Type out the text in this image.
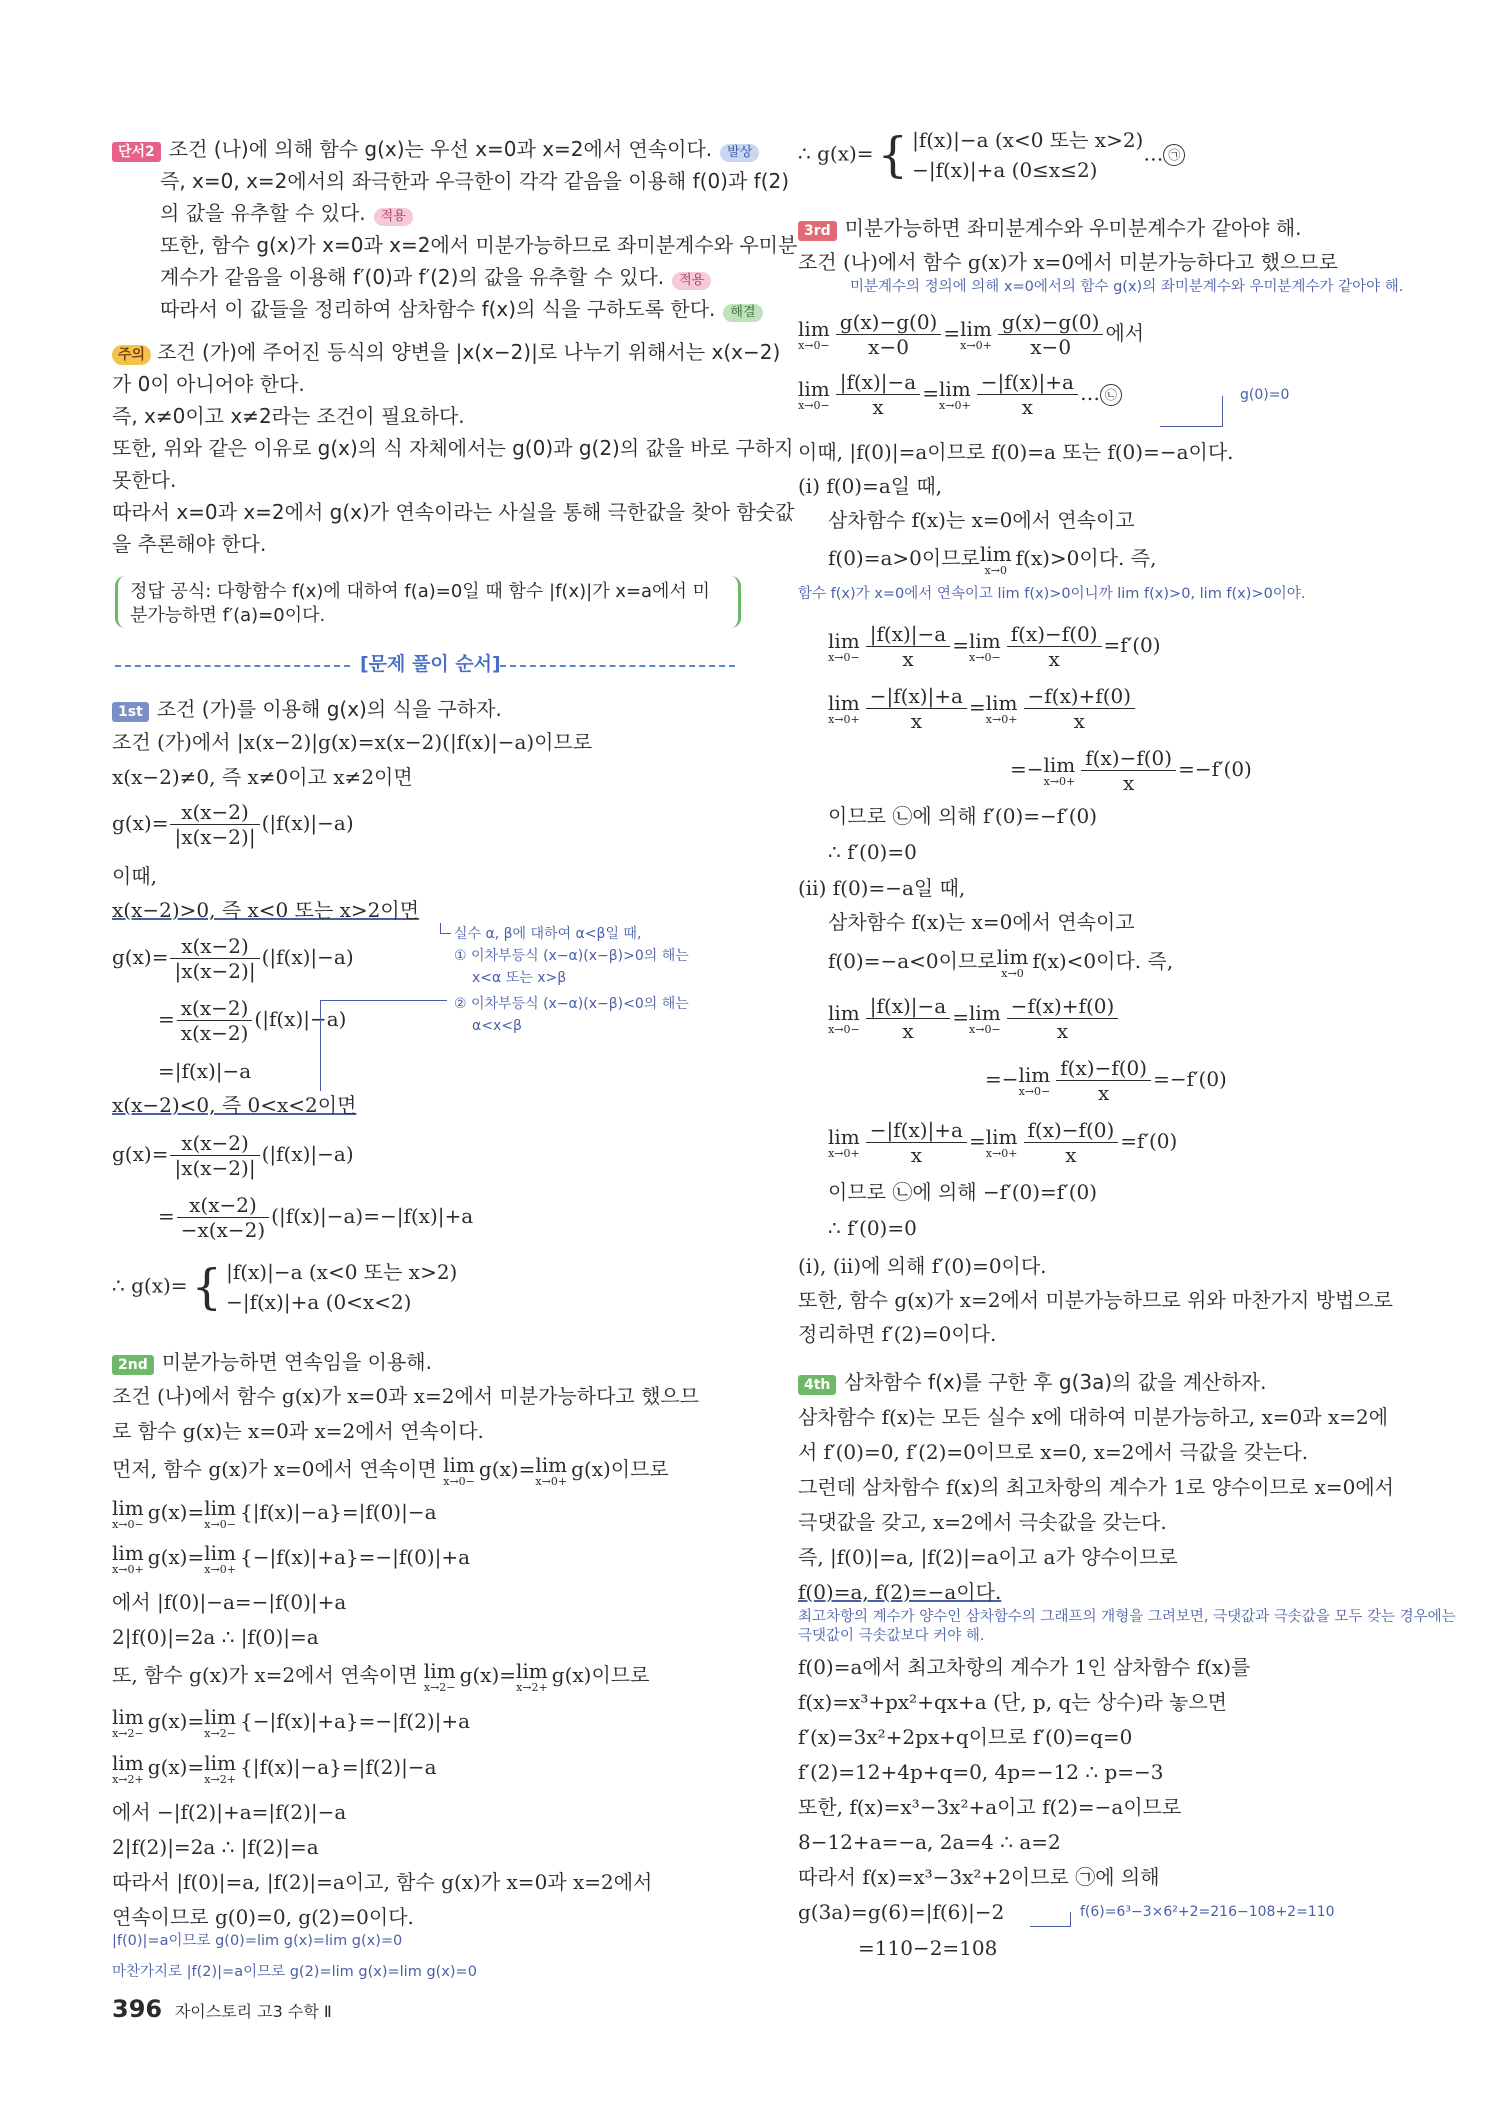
단서2 조건 (나)에 의해 함수 g(x)는 우선 x=0과 x=2에서 연속이다. 발상
즉, x=0, x=2에서의 좌극한과 우극한이 각각 같음을 이용해 f(0)과 f(2)
의 값을 유추할 수 있다. 적용
또한, 함수 g(x)가 x=0과 x=2에서 미분가능하므로 좌미분계수와 우미분
계수가 같음을 이용해 f′(0)과 f′(2)의 값을 유추할 수 있다. 적용
따라서 이 값들을 정리하여 삼차함수 f(x)의 식을 구하도록 한다. 해결
주의 조건 (가)에 주어진 등식의 양변을 |x(x−2)|로 나누기 위해서는 x(x−2)
가 0이 아니어야 한다.
즉, x≠0이고 x≠2라는 조건이 필요하다.
또한, 위와 같은 이유로 g(x)의 식 자체에서는 g(0)과 g(2)의 값을 바로 구하지
못한다.
따라서 x=0과 x=2에서 g(x)가 연속이라는 사실을 통해 극한값을 찾아 함숫값
을 추론해야 한다.
정답 공식: 다항함수 f(x)에 대하여 f(a)=0일 때 함수 |f(x)|가 x=a에서 미
분가능하면 f′(a)=0이다.
[문제 풀이 순서]
1st 조건 (가)를 이용해 g(x)의 식을 구하자.
조건 (가)에서 |x(x−2)|g(x)=x(x−2)(|f(x)|−a)이므로
x(x−2)≠0, 즉 x≠0이고 x≠2이면
$g(x)= \frac{x(x-2)}{|x(x-2)|} (|f(x)|-a)$
이때,
x(x−2)>0, 즉 x<0 또는 x>2이면
$g(x)= \frac{x(x-2)}{|x(x-2)|} (|f(x)|-a)$
= $\frac{x(x-2)}{x(x-2)} (|f(x)|-a)$
=|f(x)|−a
x(x−2)<0, 즉 0<x<2이면
$g(x)= \frac{x(x-2)}{|x(x-2)|} (|f(x)|-a)$
= $\frac{x(x-2)}{-x(x-2)} (|f(x)|-a)=-|f(x)|+a$
∴ g(x)={ |f(x)|−a (x<0 또는 x>2)
−|f(x)|+a (0<x<2)
실수 α, β에 대하여 α<β일 때,
① 이차부등식 (x−α)(x−β)>0의 해는
x<α 또는 x>β
② 이차부등식 (x−α)(x−β)<0의 해는
α<x<β
2nd 미분가능하면 연속임을 이용해.
조건 (나)에서 함수 g(x)가 x=0과 x=2에서 미분가능하다고 했으므
로 함수 g(x)는 x=0과 x=2에서 연속이다.
먼저, 함수 g(x)가 x=0에서 연속이면 lim
x→0−
g(x)= lim
x→0+
g(x)이므로
lim
x→0−
g(x)= lim
x→0−
{|f(x)|−a}=|f(0)|−a
lim
x→0+
g(x)= lim
x→0+
{−|f(x)|+a}=−|f(0)|+a
에서 |f(0)|−a=−|f(0)|+a
2|f(0)|=2a ∴ |f(0)|=a
또, 함수 g(x)가 x=2에서 연속이면 lim
x→2−
g(x)= lim
x→2+
g(x)이므로
lim
x→2−
g(x)= lim
x→2−
{−|f(x)|+a}=−|f(2)|+a
lim
x→2+
g(x)= lim
x→2+
{|f(x)|−a}=|f(2)|−a
에서 −|f(2)|+a=|f(2)|−a
2|f(2)|=2a ∴ |f(2)|=a
따라서 |f(0)|=a, |f(2)|=a이고, 함수 g(x)가 x=0과 x=2에서
연속이므로 g(0)=0, g(2)=0이다.
|f(0)|=a이므로 g(0)=lim g(x)=lim g(x)=0
마찬가지로 |f(2)|=a이므로 g(2)=lim g(x)=lim g(x)=0
396 자이스토리 고3 수학 Ⅱ
∴ g(x)={ |f(x)|−a (x<0 또는 x>2)
−|f(x)|+a (0≤x≤2)
… ㉠
3rd 미분가능하면 좌미분계수와 우미분계수가 같아야 해.
조건 (나)에서 함수 g(x)가 x=0에서 미분가능하다고 했으므로
미분계수의 정의에 의해 x=0에서의 함수 g(x)의 좌미분계수와 우미분계수가 같아야 해.
lim
$x\to 0- \frac{g(x)-g(0)}{x-0} = \lim$
$x\to 0+ \frac{g(x)-g(0)}{x-0}$ 에서
lim
$x\to 0- \frac{|f(x)|-a}{x} = \lim$
$x\to 0+ \frac{-|f(x)|+a}{x}$ … ㉡	g(0)=0
이때, |f(0)|=a이므로 f(0)=a 또는 f(0)=−a이다.
(ⅰ) f(0)=a일 때,
삼차함수 f(x)는 x=0에서 연속이고
f(0)=a>0이므로 lim
x→0
f(x)>0이다. 즉,
함수 f(x)가 x=0에서 연속이고 lim f(x)>0이니까 lim f(x)>0, lim f(x)>0이야.
lim
$x\to 0- \frac{|f(x)|-a}{x} = \lim$
$x\to 0- \frac{f(x)-f(0)}{x} =f'(0)$
lim
$x\to 0+ \frac{-|f(x)|+a}{x} = \lim$
$x\to 0+ \frac{-f(x)+f(0)}{x}$
=− lim
$x\to 0+ \frac{f(x)-f(0)}{x} =-f'(0)$
이므로 ㉡에 의해 f′(0)=−f′(0)
∴ f′(0)=0
(ⅱ) f(0)=−a일 때,
삼차함수 f(x)는 x=0에서 연속이고
f(0)=−a<0이므로 lim
x→0
f(x)<0이다. 즉,
lim
$x\to 0- \frac{|f(x)|-a}{x} = \lim$
$x\to 0- \frac{-f(x)+f(0)}{x}$
=− lim
$x\to 0- \frac{f(x)-f(0)}{x} =-f'(0)$
lim
$x\to 0+ \frac{-|f(x)|+a}{x} = \lim$
$x\to 0+ \frac{f(x)-f(0)}{x} =f'(0)$
이므로 ㉡에 의해 −f′(0)=f′(0)
∴ f′(0)=0
(ⅰ), (ⅱ)에 의해 f′(0)=0이다.
또한, 함수 g(x)가 x=2에서 미분가능하므로 위와 마찬가지 방법으로
정리하면 f′(2)=0이다.
4th 삼차함수 f(x)를 구한 후 g(3a)의 값을 계산하자.
삼차함수 f(x)는 모든 실수 x에 대하여 미분가능하고, x=0과 x=2에
서 f′(0)=0, f′(2)=0이므로 x=0, x=2에서 극값을 갖는다.
그런데 삼차함수 f(x)의 최고차항의 계수가 1로 양수이므로 x=0에서
극댓값을 갖고, x=2에서 극솟값을 갖는다.
즉, |f(0)|=a, |f(2)|=a이고 a가 양수이므로
f(0)=a, f(2)=−a이다.
최고차항의 계수가 양수인 삼차함수의 그래프의 개형을 그려보면, 극댓값과 극솟값을 모두 갖는 경우에는
극댓값이 극솟값보다 커야 해.
f(0)=a에서 최고차항의 계수가 1인 삼차함수 f(x)를
f(x)=x³+px²+qx+a (단, p, q는 상수)라 놓으면
f′(x)=3x²+2px+q이므로 f′(0)=q=0
f′(2)=12+4p+q=0, 4p=−12 ∴ p=−3
또한, f(x)=x³−3x²+a이고 f(2)=−a이므로
8−12+a=−a, 2a=4 ∴ a=2
따라서 f(x)=x³−3x²+2이므로 ㉠에 의해
g(3a)=g(6)=|f(6)|−2	f(6)=6³−3×6²+2=216−108+2=110
=110−2=108
